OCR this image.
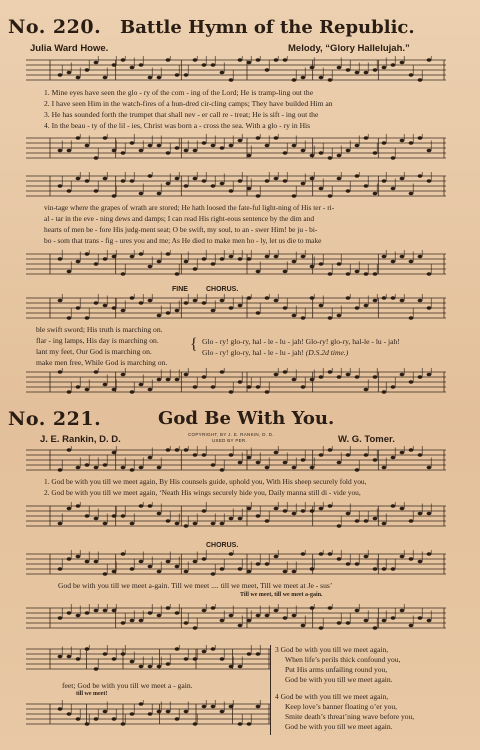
No. 220. Battle Hymn of the Republic.
Julia Ward Howe.	Melody, “Glory Hallelujah.”
1. Mine eyes have seen the glo - ry of the com - ing of the Lord; He is tramp-ling out the
2. I have seen Him in the watch-fires of a hun-dred cir-cling camps; They have builded Him an
3. He has sounded forth the trumpet that shall nev - er call re - treat; He is sift - ing out the
4. In the beau - ty of the lil - ies, Christ was born a - cross the sea. With a glo - ry in His
vin-tage where the grapes of wrath are stored; He hath loosed the fate-ful light-ning of His ter - ri-
al - tar in the eve - ning dews and damps; I can read His right-eous sentence by the dim and
hearts of men be - fore His judg-ment seat; O be swift, my soul, to an - swer Him! be ju - bi-
bo - som that trans - fig - ures you and me; As He died to make men ho - ly, let us die to make
FINE	CHORUS.
ble swift sword; His truth is marching on.
flar - ing lamps, His day is marching on.
lant my feet, Our God is marching on.
make men free, While God is marching on.
{ Glo - ry! glo-ry, hal - le - lu - jah! Glo-ry! glo-ry, hal-le - lu - jah!
Glo - ry! glo-ry, hal - le - lu - jah! (D.S.2d time.)
No. 221.	God Be With You.
COPYRIGHT, BY J. E. RANKIN, D. D.
USED BY PER.
J. E. Rankin, D. D.	W. G. Tomer.
1. God be with you till we meet again, By His counsels guide, uphold you, With His sheep securely fold you,
2. God be with you till we meet again, ‘Neath His wings securely hide you, Daily manna still di - vide you,
CHORUS.
God be with you till we meet a-gain. Till we meet .... till we meet, Till we meet at Je - sus’
Till we meet, till we meet a-gain.
feet; God be with you till we meet a - gain.
till we meet!
3 God be with you till we meet again,
When life’s perils thick confound you,
Put His arms unfailing round you,
God be with you till we meet again.
4 God be with you till we meet again,
Keep love’s banner floating o’er you,
Smite death’s threat’ning wave before you,
God be with you till we meet again.
